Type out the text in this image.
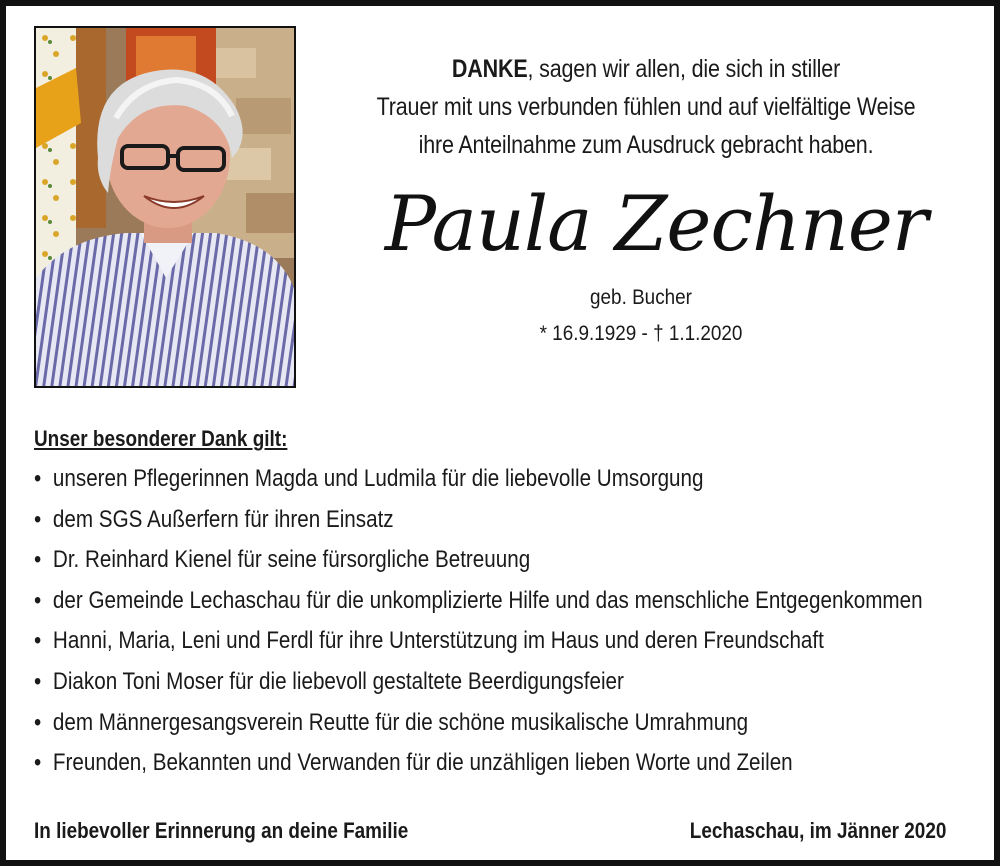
DANKE, sagen wir allen, die sich in stiller
Trauer mit uns verbunden fühlen und auf vielfältige Weise
ihre Anteilnahme zum Ausdruck gebracht haben.
Paula Zechner
geb. Bucher
* 16.9.1929 - † 1.1.2020
Unser besonderer Dank gilt:
• unseren Pflegerinnen Magda und Ludmila für die liebevolle Umsorgung
• dem SGS Außerfern für ihren Einsatz
• Dr. Reinhard Kienel für seine fürsorgliche Betreuung
• der Gemeinde Lechaschau für die unkomplizierte Hilfe und das menschliche Entgegenkommen
• Hanni, Maria, Leni und Ferdl für ihre Unterstützung im Haus und deren Freundschaft
• Diakon Toni Moser für die liebevoll gestaltete Beerdigungsfeier
• dem Männergesangsverein Reutte für die schöne musikalische Umrahmung
• Freunden, Bekannten und Verwanden für die unzähligen lieben Worte und Zeilen
In liebevoller Erinnerung an deine Familie	Lechaschau, im Jänner 2020
